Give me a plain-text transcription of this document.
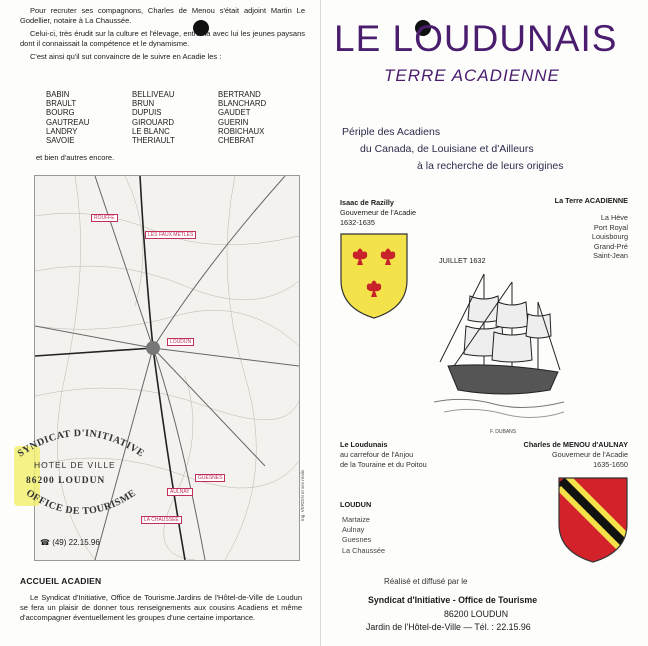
Pour recruter ses compagnons, Charles de Menou s'était adjoint Martin Le Godellier, notaire à La Chaussée.

Celui-ci, très érudit sur la culture et l'élevage, entraina avec lui les jeunes paysans dont il connaissait la compétence et le dynamisme.

C'est ainsi qu'il sut convaincre de le suivre en Acadie les :

BABIN	BELLIVEAU	BERTRAND
BRAULT	BRUN	BLANCHARD
BOURG	DUPUIS	GAUDET
GAUTREAU	GIROUARD	GUERIN
LANDRY	LE BLANC	ROBICHAUX
SAVOIE	THERIAULT	CHEBRAT
et bien d'autres encore.
ROUFFE
LES FAUX MÉTLES
LOUDUN
AULNAY
GUESNES
LA CHAUSSÉE	Ing. VERDIN et ses réalis
SYNDICAT D'INITIATIVE
OFFICE DE TOURISME
HOTEL DE VILLE
86200 LOUDUN
☎ (49) 22.15.96
ACCUEIL ACADIEN
Le Syndicat d'Initiative, Office de Tourisme.Jardins de l'Hôtel-de-Ville de Loudun se fera un plaisir de donner tous renseignements aux cousins Acadiens et même d'accompagner éventuellement les groupes d'une certaine importance.
LE LOUDUNAIS
TERRE ACADIENNE
Périple des Acadiens
du Canada, de Louisiane et d'Ailleurs
à la recherche de leurs origines
Isaac de Razilly
Gouverneur de l'Acadie
1632-1635
La Terre ACADIENNE
La Hève
Port Royal
Louisbourg
Grand-Pré
Saint-Jean
JUILLET 1632
F. DUBANS
Le Loudunais
au carrefour de l'Anjou
de la Touraine et du Poitou
Charles de MENOU d'AULNAY
Gouverneur de l'Acadie
1635-1650
LOUDUN
Martaize
Aulnay
Guesnes
La Chaussée
Réalisé et diffusé par le
Syndicat d'Initiative - Office de Tourisme
86200 LOUDUN
Jardin de l'Hôtel-de-Ville — Tél. : 22.15.96
